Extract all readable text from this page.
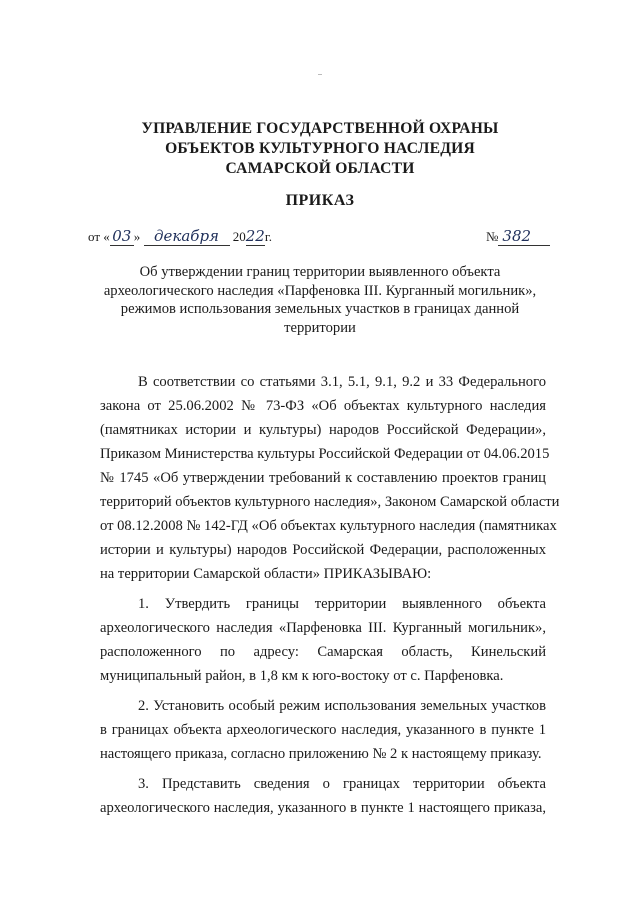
УПРАВЛЕНИЕ ГОСУДАРСТВЕННОЙ ОХРАНЫ
ОБЪЕКТОВ КУЛЬТУРНОГО НАСЛЕДИЯ
САМАРСКОЙ ОБЛАСТИ
ПРИКАЗ
от « 03 » декабря 2022г.	№ 382
Об утверждении границ территории выявленного объекта
археологического наследия «Парфеновка III. Курганный могильник»,
режимов использования земельных участков в границах данной
территории
В соответствии со статьями 3.1, 5.1, 9.1, 9.2 и 33 Федерального
закона от 25.06.2002 № 73-ФЗ «Об объектах культурного наследия
(памятниках истории и культуры) народов Российской Федерации»,
Приказом Министерства культуры Российской Федерации от 04.06.2015
№ 1745 «Об утверждении требований к составлению проектов границ
территорий объектов культурного наследия», Законом Самарской области
от 08.12.2008 № 142-ГД «Об объектах культурного наследия (памятниках
истории и культуры) народов Российской Федерации, расположенных
на территории Самарской области» ПРИКАЗЫВАЮ:
1. Утвердить границы территории выявленного объекта
археологического наследия «Парфеновка III. Курганный могильник»,
расположенного по адресу: Самарская область, Кинельский
муниципальный район, в 1,8 км к юго-востоку от с. Парфеновка.
2. Установить особый режим использования земельных участков
в границах объекта археологического наследия, указанного в пункте 1
настоящего приказа, согласно приложению № 2 к настоящему приказу.
3. Представить сведения о границах территории объекта
археологического наследия, указанного в пункте 1 настоящего приказа,
